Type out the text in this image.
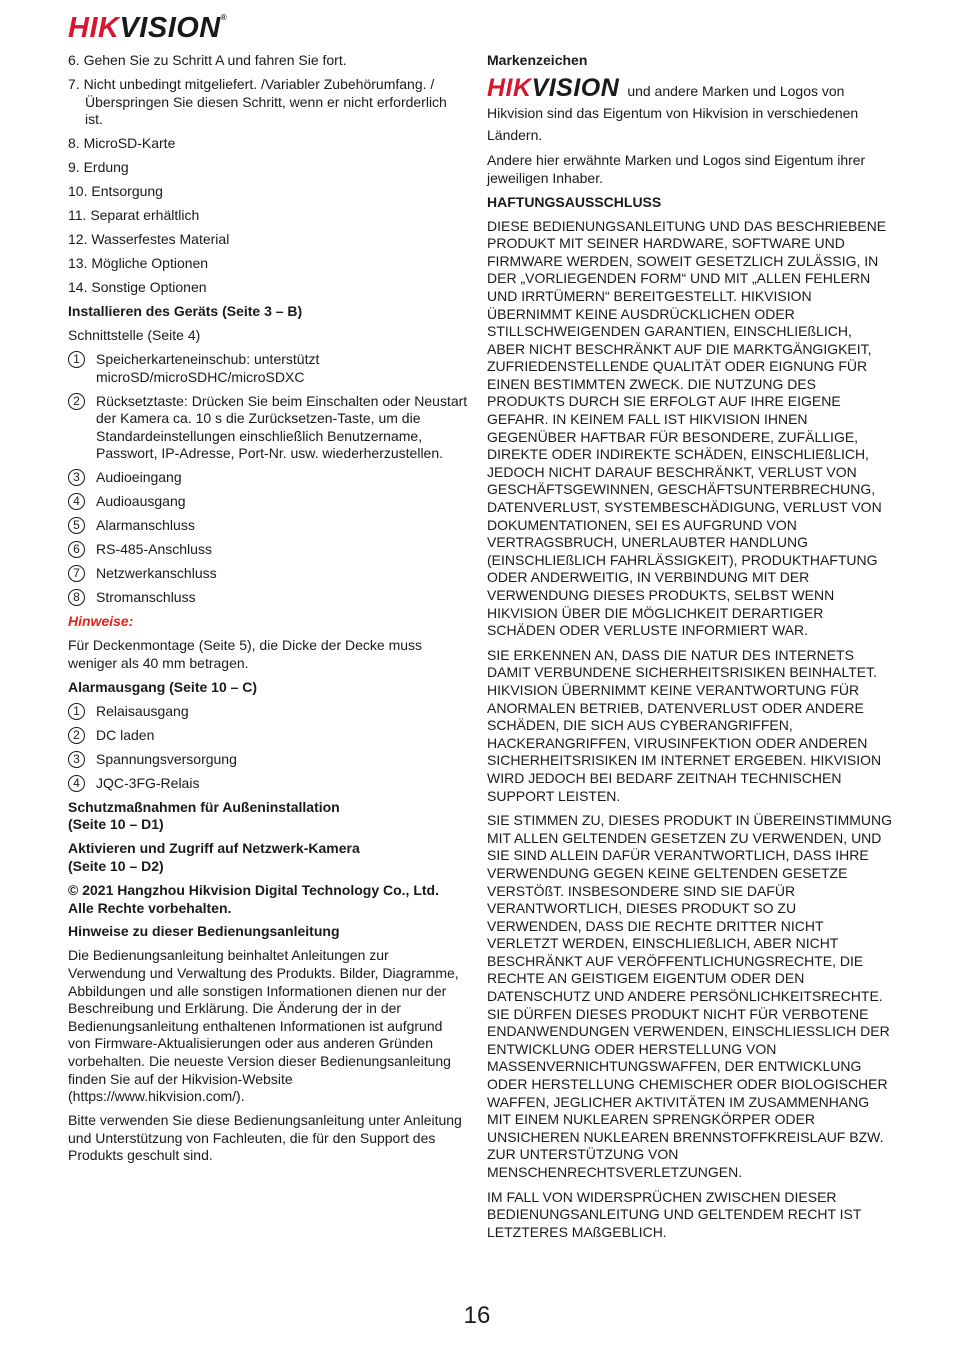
HIKVISION®

6. Gehen Sie zu Schritt A und fahren Sie fort.

7. Nicht unbedingt mitgeliefert. /Variabler Zubehörumfang. /Überspringen Sie diesen Schritt, wenn er nicht erforderlich ist.

8. MicroSD-Karte

9. Erdung

10. Entsorgung

11. Separat erhältlich

12. Wasserfestes Material

13. Mögliche Optionen

14. Sonstige Optionen

Installieren des Geräts (Seite 3 – B)

Schnittstelle (Seite 4)

1	Speicherkarteneinschub: unterstützt microSD/microSDHC/microSDXC
2	Rücksetztaste: Drücken Sie beim Einschalten oder Neustart der Kamera ca. 10 s die Zurücksetzen-Taste, um die Standardeinstellungen einschließlich Benutzername, Passwort, IP-Adresse, Port-Nr. usw. wiederherzustellen.
3	Audioeingang
4	Audioausgang
5	Alarmanschluss
6	RS-485-Anschluss
7	Netzwerkanschluss
8	Stromanschluss

Hinweise:

Für Deckenmontage (Seite 5), die Dicke der Decke muss weniger als 40 mm betragen.

Alarmausgang (Seite 10 – C)

1	Relaisausgang
2	DC laden
3	Spannungsversorgung
4	JQC-3FG-Relais

Schutzmaßnahmen für Außeninstallation
(Seite 10 – D1)

Aktivieren und Zugriff auf Netzwerk-Kamera
(Seite 10 – D2)

© 2021 Hangzhou Hikvision Digital Technology Co., Ltd. Alle Rechte vorbehalten.

Hinweise zu dieser Bedienungsanleitung

Die Bedienungsanleitung beinhaltet Anleitungen zur Verwendung und Verwaltung des Produkts. Bilder, Diagramme, Abbildungen und alle sonstigen Informationen dienen nur der Beschreibung und Erklärung. Die Änderung der in der Bedienungsanleitung enthaltenen Informationen ist aufgrund von Firmware-Aktualisierungen oder aus anderen Gründen vorbehalten. Die neueste Version dieser Bedienungsanleitung finden Sie auf der Hikvision-Website (https://www.hikvision.com/).

Bitte verwenden Sie diese Bedienungsanleitung unter Anleitung und Unterstützung von Fachleuten, die für den Support des Produkts geschult sind.

Markenzeichen

HIKVISION und andere Marken und Logos von Hikvision sind das Eigentum von Hikvision in verschiedenen Ländern.

Andere hier erwähnte Marken und Logos sind Eigentum ihrer jeweiligen Inhaber.

HAFTUNGSAUSSCHLUSS

DIESE BEDIENUNGSANLEITUNG UND DAS BESCHRIEBENE PRODUKT MIT SEINER HARDWARE, SOFTWARE UND FIRMWARE WERDEN, SOWEIT GESETZLICH ZULÄSSIG, IN DER „VORLIEGENDEN FORM“ UND MIT „ALLEN FEHLERN UND IRRTÜMERN“ BEREITGESTELLT. HIKVISION ÜBERNIMMT KEINE AUSDRÜCKLICHEN ODER STILLSCHWEIGENDEN GARANTIEN, EINSCHLIEßLICH, ABER NICHT BESCHRÄNKT AUF DIE MARKTGÄNGIGKEIT, ZUFRIEDENSTELLENDE QUALITÄT ODER EIGNUNG FÜR EINEN BESTIMMTEN ZWECK. DIE NUTZUNG DES PRODUKTS DURCH SIE ERFOLGT AUF IHRE EIGENE GEFAHR. IN KEINEM FALL IST HIKVISION IHNEN GEGENÜBER HAFTBAR FÜR BESONDERE, ZUFÄLLIGE, DIREKTE ODER INDIREKTE SCHÄDEN, EINSCHLIEßLICH, JEDOCH NICHT DARAUF BESCHRÄNKT, VERLUST VON GESCHÄFTSGEWINNEN, GESCHÄFTSUNTERBRECHUNG, DATENVERLUST, SYSTEMBESCHÄDIGUNG, VERLUST VON DOKUMENTATIONEN, SEI ES AUFGRUND VON VERTRAGSBRUCH, UNERLAUBTER HANDLUNG (EINSCHLIEßLICH FAHRLÄSSIGKEIT), PRODUKTHAFTUNG ODER ANDERWEITIG, IN VERBINDUNG MIT DER VERWENDUNG DIESES PRODUKTS, SELBST WENN HIKVISION ÜBER DIE MÖGLICHKEIT DERARTIGER SCHÄDEN ODER VERLUSTE INFORMIERT WAR.

SIE ERKENNEN AN, DASS DIE NATUR DES INTERNETS DAMIT VERBUNDENE SICHERHEITSRISIKEN BEINHALTET. HIKVISION ÜBERNIMMT KEINE VERANTWORTUNG FÜR ANORMALEN BETRIEB, DATENVERLUST ODER ANDERE SCHÄDEN, DIE SICH AUS CYBERANGRIFFEN, HACKERANGRIFFEN, VIRUSINFEKTION ODER ANDEREN SICHERHEITSRISIKEN IM INTERNET ERGEBEN. HIKVISION WIRD JEDOCH BEI BEDARF ZEITNAH TECHNISCHEN SUPPORT LEISTEN.

SIE STIMMEN ZU, DIESES PRODUKT IN ÜBEREINSTIMMUNG MIT ALLEN GELTENDEN GESETZEN ZU VERWENDEN, UND SIE SIND ALLEIN DAFÜR VERANTWORTLICH, DASS IHRE VERWENDUNG GEGEN KEINE GELTENDEN GESETZE VERSTÖßT. INSBESONDERE SIND SIE DAFÜR VERANTWORTLICH, DIESES PRODUKT SO ZU VERWENDEN, DASS DIE RECHTE DRITTER NICHT VERLETZT WERDEN, EINSCHLIEßLICH, ABER NICHT BESCHRÄNKT AUF VERÖFFENTLICHUNGSRECHTE, DIE RECHTE AN GEISTIGEM EIGENTUM ODER DEN DATENSCHUTZ UND ANDERE PERSÖNLICHKEITSRECHTE. SIE DÜRFEN DIESES PRODUKT NICHT FÜR VERBOTENE ENDANWENDUNGEN VERWENDEN, EINSCHLIESSLICH DER ENTWICKLUNG ODER HERSTELLUNG VON MASSENVERNICHTUNGSWAFFEN, DER ENTWICKLUNG ODER HERSTELLUNG CHEMISCHER ODER BIOLOGISCHER WAFFEN, JEGLICHER AKTIVITÄTEN IM ZUSAMMENHANG MIT EINEM NUKLEAREN SPRENGKÖRPER ODER UNSICHEREN NUKLEAREN BRENNSTOFFKREISLAUF BZW. ZUR UNTERSTÜTZUNG VON MENSCHENRECHTSVERLETZUNGEN.

IM FALL VON WIDERSPRÜCHEN ZWISCHEN DIESER BEDIENUNGSANLEITUNG UND GELTENDEM RECHT IST LETZTERES MAßGEBLICH.

16
